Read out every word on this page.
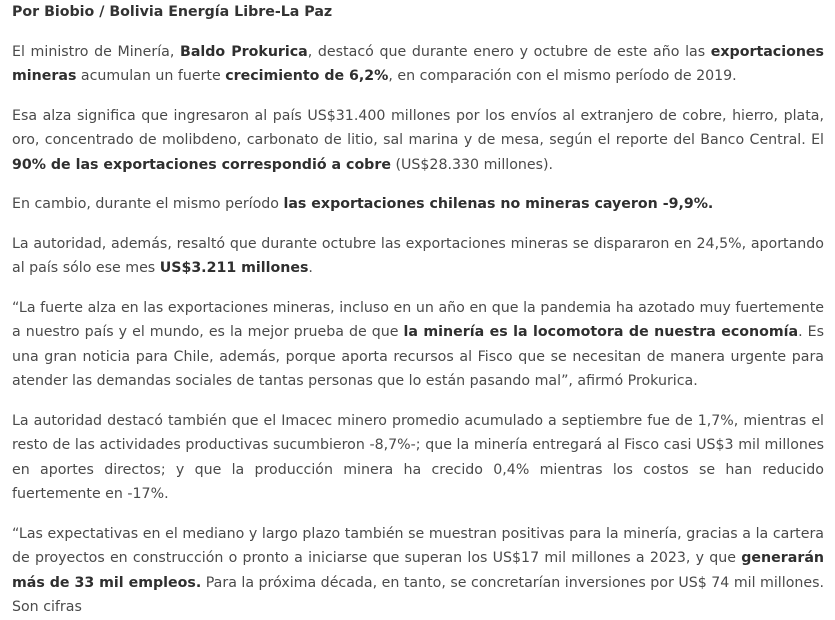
Por Biobio / Bolivia Energía Libre-La Paz

El ministro de Minería, Baldo Prokurica, destacó que durante enero y octubre de este año las exportaciones mineras acumulan un fuerte crecimiento de 6,2%, en comparación con el mismo período de 2019.

Esa alza significa que ingresaron al país US$31.400 millones por los envíos al extranjero de cobre, hierro, plata, oro, concentrado de molibdeno, carbonato de litio, sal marina y de mesa, según el reporte del Banco Central. El 90% de las exportaciones correspondió a cobre (US$28.330 millones).

En cambio, durante el mismo período las exportaciones chilenas no mineras cayeron -9,9%.

La autoridad, además, resaltó que durante octubre las exportaciones mineras se dispararon en 24,5%, aportando al país sólo ese mes US$3.211 millones.

“La fuerte alza en las exportaciones mineras, incluso en un año en que la pandemia ha azotado muy fuertemente a nuestro país y el mundo, es la mejor prueba de que la minería es la locomotora de nuestra economía. Es una gran noticia para Chile, además, porque aporta recursos al Fisco que se necesitan de manera urgente para atender las demandas sociales de tantas personas que lo están pasando mal”, afirmó Prokurica.

La autoridad destacó también que el Imacec minero promedio acumulado a septiembre fue de 1,7%, mientras el resto de las actividades productivas sucumbieron -8,7%-; que la minería entregará al Fisco casi US$3 mil millones en aportes directos; y que la producción minera ha crecido 0,4% mientras los costos se han reducido fuertemente en -17%.

“Las expectativas en el mediano y largo plazo también se muestran positivas para la minería, gracias a la cartera de proyectos en construcción o pronto a iniciarse que superan los US$17 mil millones a 2023, y que generarán más de 33 mil empleos. Para la próxima década, en tanto, se concretarían inversiones por US$ 74 mil millones. Son cifras
